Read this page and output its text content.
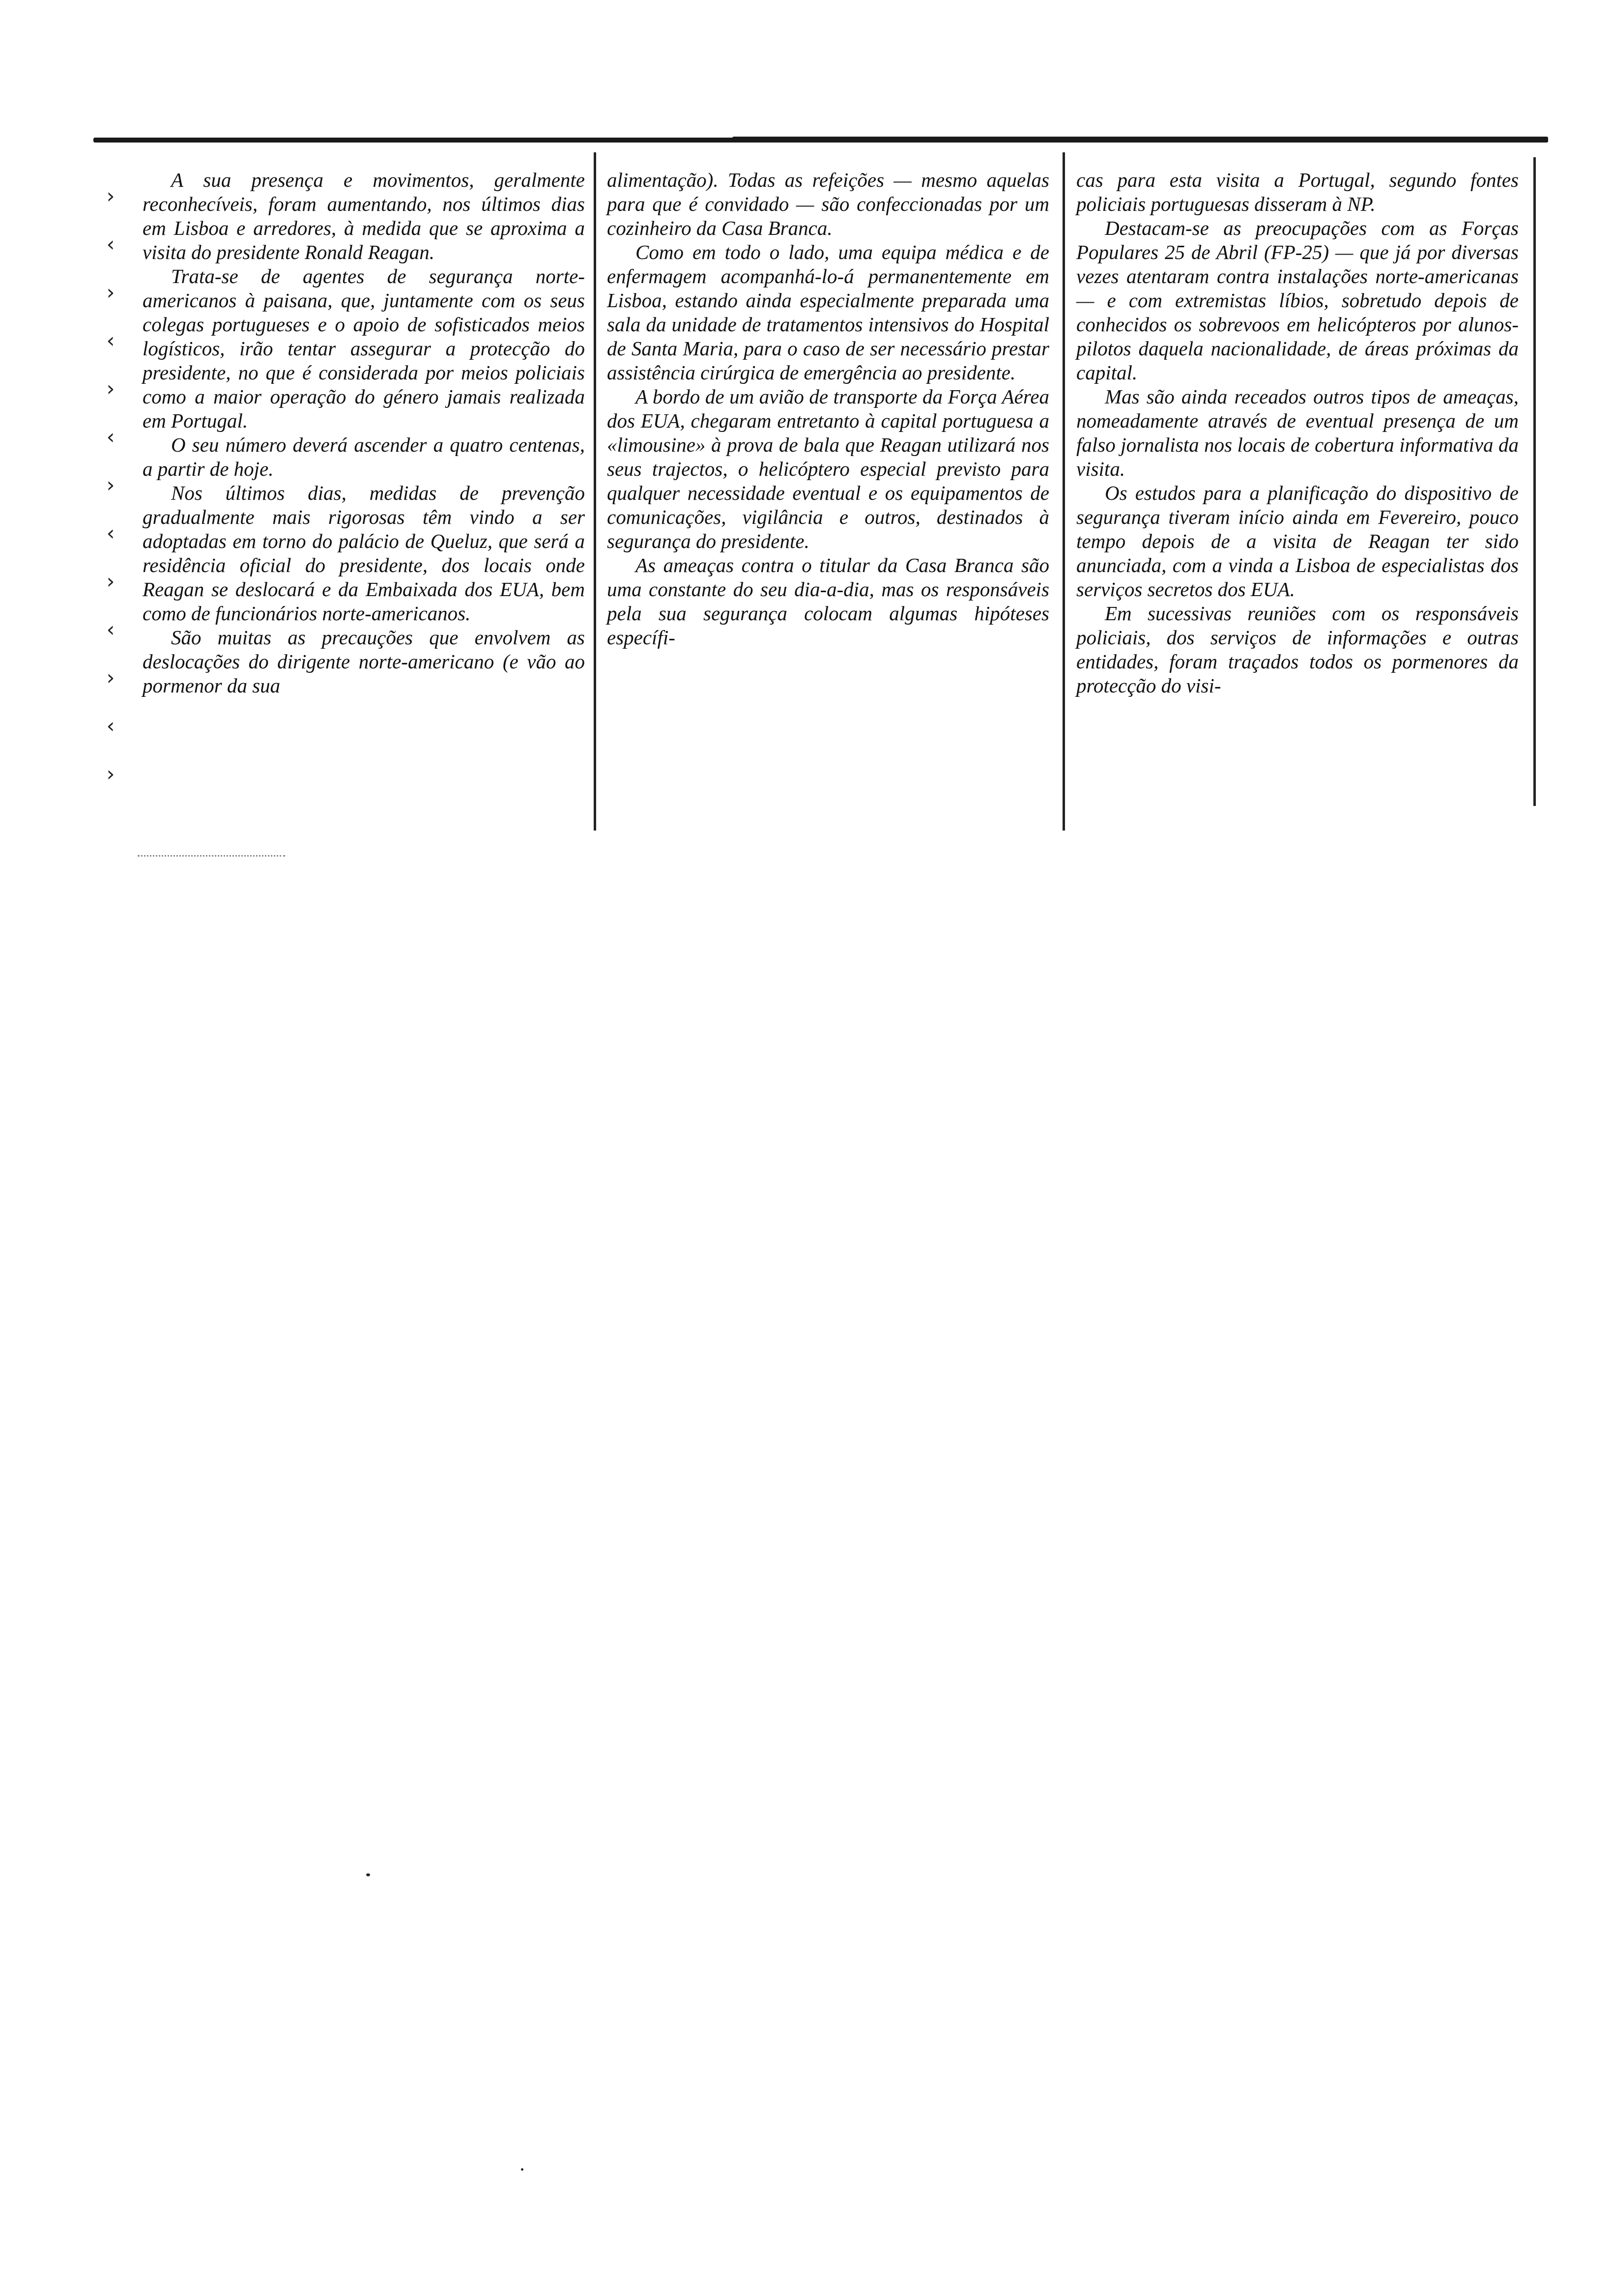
›
‹
›
‹
›
‹
›
‹
›
‹
›
‹
›

A sua presença e movimentos, geralmente reconhecíveis, foram aumentando, nos últimos dias em Lisboa e arredores, à medida que se aproxima a visita do presidente Ronald Reagan.

Trata-se de agentes de segurança norte-americanos à paisana, que, juntamente com os seus colegas portugueses e o apoio de sofisticados meios logísticos, irão tentar assegurar a protecção do presidente, no que é considerada por meios policiais como a maior operação do género jamais realizada em Portugal.

O seu número deverá ascender a quatro centenas, a partir de hoje.

Nos últimos dias, medidas de prevenção gradualmente mais rigorosas têm vindo a ser adoptadas em torno do palácio de Queluz, que será a residência oficial do presidente, dos locais onde Reagan se deslocará e da Embaixada dos EUA, bem como de funcionários norte-americanos.

São muitas as precauções que envolvem as deslocações do dirigente norte-americano (e vão ao pormenor da sua

alimentação). Todas as refeições — mesmo aquelas para que é convidado — são confeccionadas por um cozinheiro da Casa Branca.

Como em todo o lado, uma equipa médica e de enfermagem acompanhá-lo-á permanentemente em Lisboa, estando ainda especialmente preparada uma sala da unidade de tratamentos intensivos do Hospital de Santa Maria, para o caso de ser necessário prestar assistência cirúrgica de emergência ao presidente.

A bordo de um avião de transporte da Força Aérea dos EUA, chegaram entretanto à capital portuguesa a «limousine» à prova de bala que Reagan utilizará nos seus trajectos, o helicóptero especial previsto para qualquer necessidade eventual e os equipamentos de comunicações, vigilância e outros, destinados à segurança do presidente.

As ameaças contra o titular da Casa Branca são uma constante do seu dia-a-dia, mas os responsáveis pela sua segurança colocam algumas hipóteses específi-

cas para esta visita a Portugal, segundo fontes policiais portuguesas disseram à NP.

Destacam-se as preocupações com as Forças Populares 25 de Abril (FP-25) — que já por diversas vezes atentaram contra instalações norte-americanas — e com extremistas líbios, sobretudo depois de conhecidos os sobrevoos em helicópteros por alunos-pilotos daquela nacionalidade, de áreas próximas da capital.

Mas são ainda receados outros tipos de ameaças, nomeadamente através de eventual presença de um falso jornalista nos locais de cobertura informativa da visita.

Os estudos para a planificação do dispositivo de segurança tiveram início ainda em Fevereiro, pouco tempo depois de a visita de Reagan ter sido anunciada, com a vinda a Lisboa de especialistas dos serviços secretos dos EUA.

Em sucessivas reuniões com os responsáveis policiais, dos serviços de informações e outras entidades, foram traçados todos os pormenores da protecção do visi-
